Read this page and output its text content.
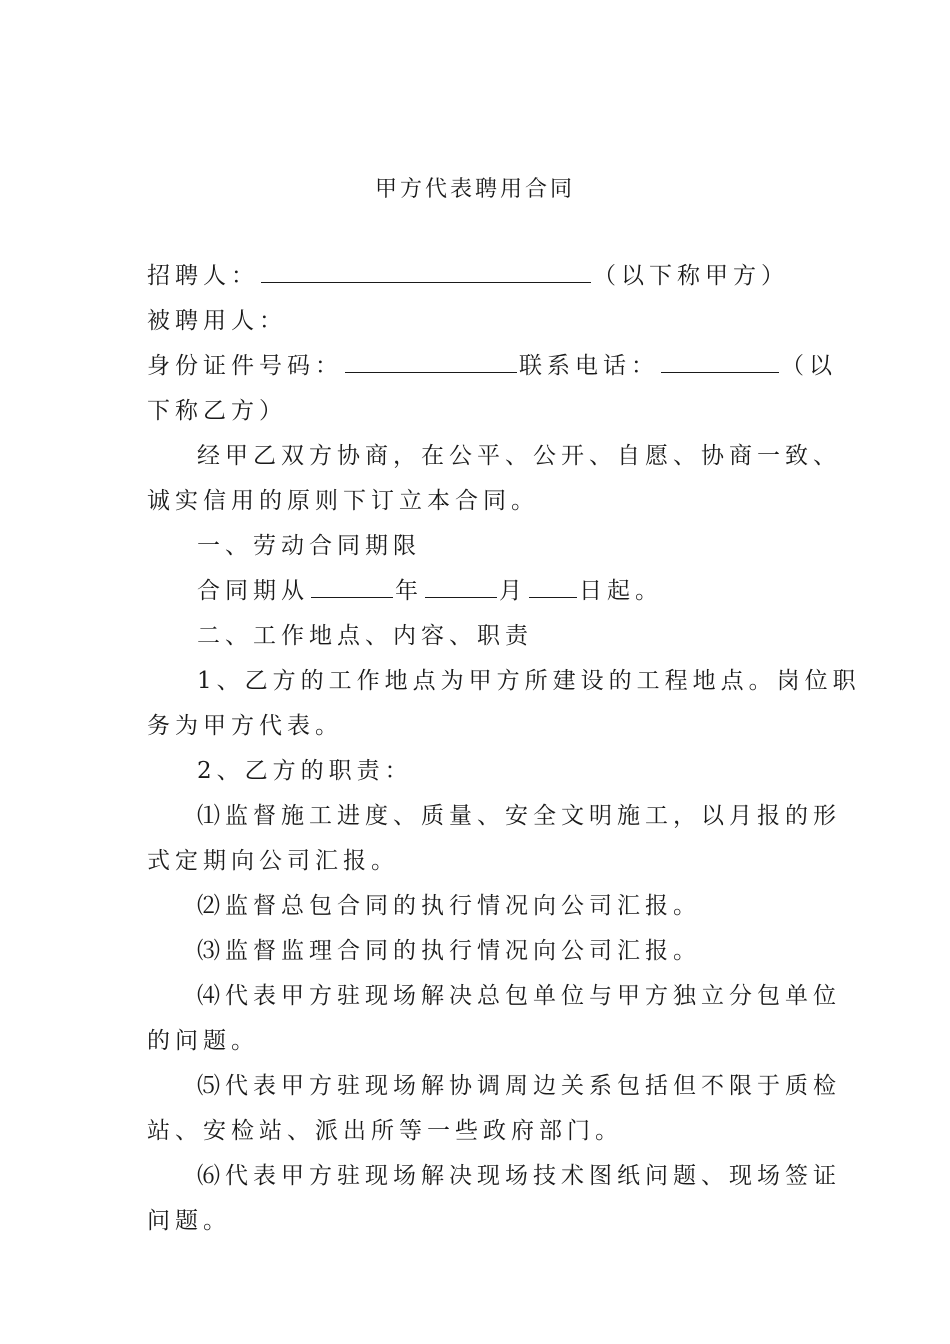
甲方代表聘用合同
招聘人：	（以下称甲方）
被聘用人：
身份证件号码：	联系电话：	（以
下称乙方）
经甲乙双方协商，在公平、公开、自愿、协商一致、
诚实信用的原则下订立本合同。
一、劳动合同期限
合同期从	年	月 日起。
二、工作地点、内容、职责
1、乙方的工作地点为甲方所建设的工程地点。岗位职
务为甲方代表。
2、乙方的职责：
⑴监督施工进度、质量、安全文明施工，以月报的形
式定期向公司汇报。
⑵监督总包合同的执行情况向公司汇报。
⑶监督监理合同的执行情况向公司汇报。
⑷代表甲方驻现场解决总包单位与甲方独立分包单位
的问题。
⑸代表甲方驻现场解协调周边关系包括但不限于质检
站、安检站、派出所等一些政府部门。
⑹代表甲方驻现场解决现场技术图纸问题、现场签证
问题。
